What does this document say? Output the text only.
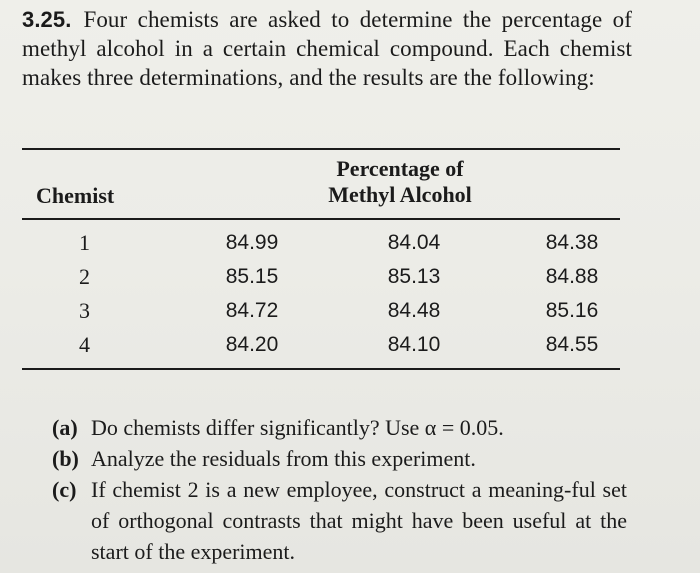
3.25. Four chemists are asked to determine the percentage of methyl alcohol in a certain chemical compound. Each chemist makes three determinations, and the results are the following:
Chemist
Percentage of Methyl Alcohol
1	84.99	84.04	84.38
2	85.15	85.13	84.88
3	84.72	84.48	85.16
4	84.20	84.10	84.55
(a) Do chemists differ significantly? Use α = 0.05.
(b) Analyze the residuals from this experiment.
(c) If chemist 2 is a new employee, construct a meaning-ful set of orthogonal contrasts that might have been useful at the start of the experiment.
